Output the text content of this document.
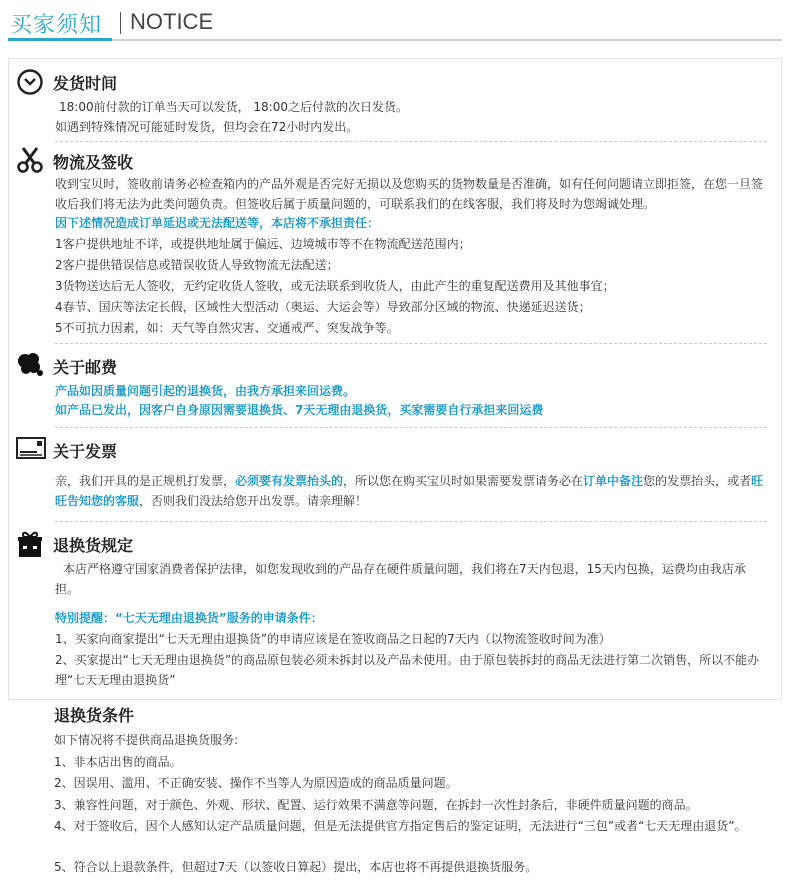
买家须知 NOTICE
发货时间
18:00前付款的订单当天可以发货， 18:00之后付款的次日发货。
如遇到特殊情况可能延时发货，但均会在72小时内发出。
物流及签收
收到宝贝时，签收前请务必检查箱内的产品外观是否完好无损以及您购买的货物数量是否准确，如有任何问题请立即拒签，在您一旦签收后我们将无法为此类问题负责。但签收后属于质量问题的，可联系我们的在线客服，我们将及时为您竭诚处理。
因下述情况造成订单延迟或无法配送等，本店将不承担责任：
1客户提供地址不详，或提供地址属于偏远、边境城市等不在物流配送范围内；
2客户提供错误信息或错误收货人导致物流无法配送；
3货物送达后无人签收，无约定收货人签收，或无法联系到收货人，由此产生的重复配送费用及其他事宜；
4春节、国庆等法定长假，区域性大型活动（奥运、大运会等）导致部分区域的物流、快递延迟送货；
5不可抗力因素，如：天气等自然灾害、交通戒严、突发战争等。
关于邮费
产品如因质量问题引起的退换货，由我方承担来回运费。
如产品已发出，因客户自身原因需要退换货、7天无理由退换货，买家需要自行承担来回运费
关于发票
亲，我们开具的是正规机打发票，必须要有发票抬头的，所以您在购买宝贝时如果需要发票请务必在订单中备注您的发票抬头，或者旺旺告知您的客服，否则我们没法给您开出发票。请亲理解！
退换货规定
本店严格遵守国家消费者保护法律，如您发现收到的产品存在硬件质量问题，我们将在7天内包退，15天内包换，运费均由我店承担。
特别提醒：“七天无理由退换货”服务的申请条件：
1、买家向商家提出“七天无理由退换货”的申请应该是在签收商品之日起的7天内（以物流签收时间为准）
2、买家提出“七天无理由退换货”的商品原包装必须未拆封以及产品未使用。由于原包装拆封的商品无法进行第二次销售，所以不能办理“七天无理由退换货”
退换货条件
如下情况将不提供商品退换货服务:
1、非本店出售的商品。
2、因误用、滥用、不正确安装、操作不当等人为原因造成的商品质量问题。
3、兼容性问题，对于颜色、外观、形状、配置、运行效果不满意等问题，在拆封一次性封条后，非硬件质量问题的商品。
4、对于签收后，因个人感知认定产品质量问题，但是无法提供官方指定售后的鉴定证明，无法进行“三包”或者“七天无理由退货”。
5、符合以上退款条件，但超过7天（以签收日算起）提出，本店也将不再提供退换货服务。
